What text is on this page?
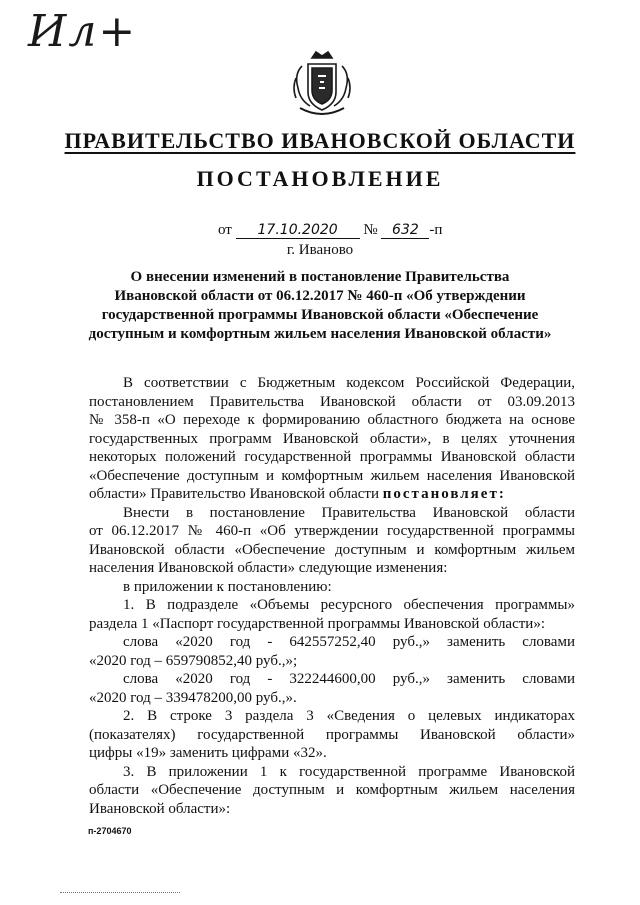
Ил+
ПРАВИТЕЛЬСТВО ИВАНОВСКОЙ ОБЛАСТИ
ПОСТАНОВЛЕНИЕ
от 17.10.2020 № 632 -п
г. Иваново
О внесении изменений в постановление Правительства
Ивановской области от 06.12.2017 № 460-п «Об утверждении
государственной программы Ивановской области «Обеспечение
доступным и комфортным жильем населения Ивановской области»

В соответствии с Бюджетным кодексом Российской Федерации,
постановлением Правительства Ивановской области от 03.09.2013
№ 358-п «О переходе к формированию областного бюджета на основе
государственных программ Ивановской области», в целях уточнения
некоторых положений государственной программы Ивановской области
«Обеспечение доступным и комфортным жильем населения Ивановской
области» Правительство Ивановской области постановляет:

Внести в постановление Правительства Ивановской области
от 06.12.2017 № 460-п «Об утверждении государственной программы
Ивановской области «Обеспечение доступным и комфортным жильем
населения Ивановской области» следующие изменения:

в приложении к постановлению:

1. В подразделе «Объемы ресурсного обеспечения программы»
раздела 1 «Паспорт государственной программы Ивановской области»:

слова «2020 год - 642557252,40 руб.,» заменить словами
«2020 год – 659790852,40 руб.,»;

слова «2020 год - 322244600,00 руб.,» заменить словами
«2020 год – 339478200,00 руб.,».

2. В строке 3 раздела 3 «Сведения о целевых индикаторах
(показателях) государственной программы Ивановской области»
цифры «19» заменить цифрами «32».

3. В приложении 1 к государственной программе Ивановской
области «Обеспечение доступным и комфортным жильем населения
Ивановской области»:

п-2704670
